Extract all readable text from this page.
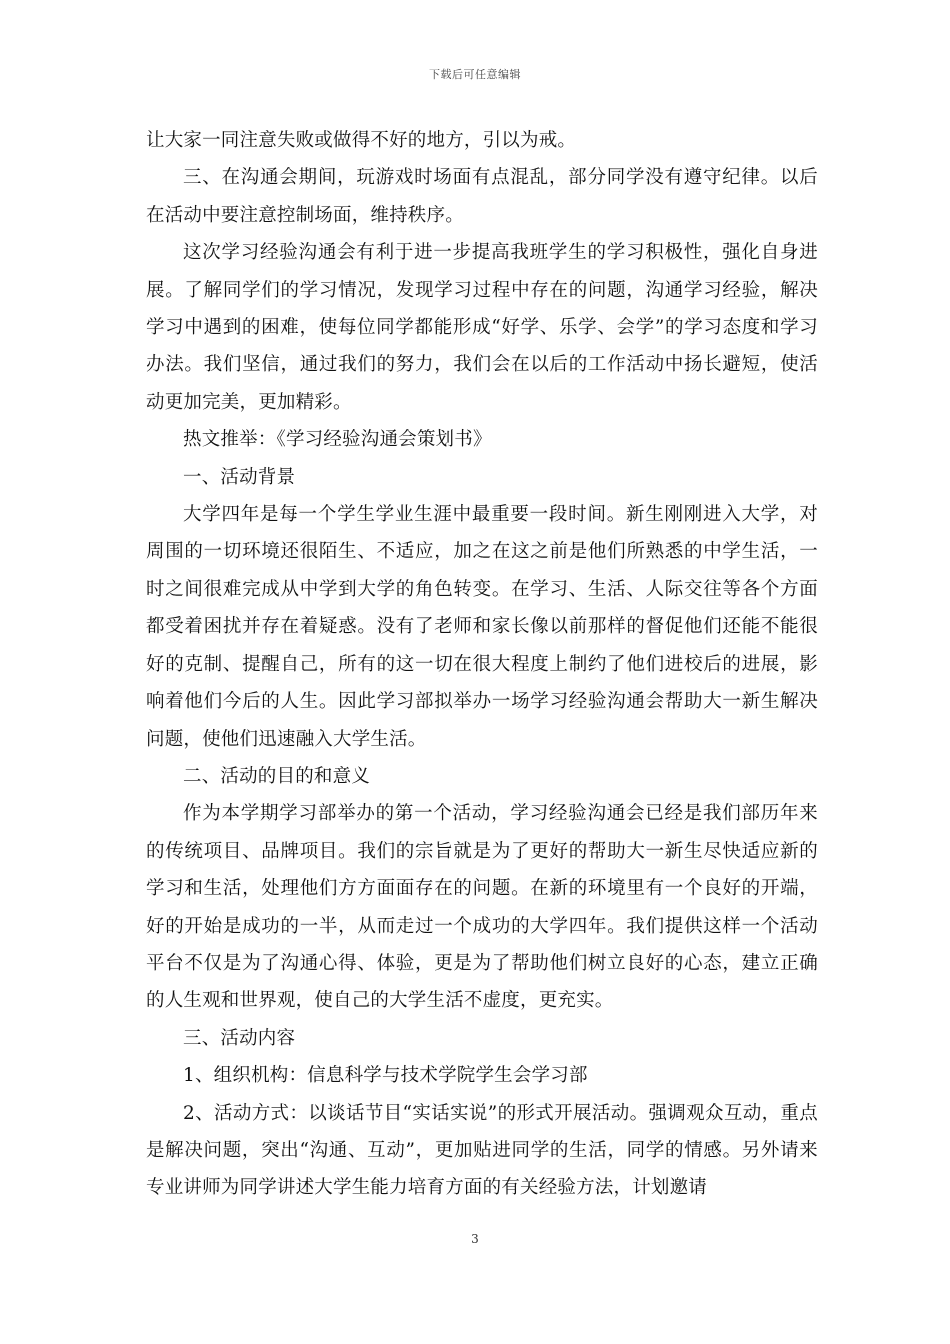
下载后可任意编辑

让大家一同注意失败或做得不好的地方，引以为戒。

三、在沟通会期间，玩游戏时场面有点混乱，部分同学没有遵守纪律。以后在活动中要注意控制场面，维持秩序。

这次学习经验沟通会有利于进一步提高我班学生的学习积极性，强化自身进展。了解同学们的学习情况，发现学习过程中存在的问题，沟通学习经验，解决学习中遇到的困难，使每位同学都能形成“好学、乐学、会学”的学习态度和学习办法。我们坚信，通过我们的努力，我们会在以后的工作活动中扬长避短，使活动更加完美，更加精彩。

热文推举：《学习经验沟通会策划书》

一、活动背景

大学四年是每一个学生学业生涯中最重要一段时间。新生刚刚进入大学，对周围的一切环境还很陌生、不适应，加之在这之前是他们所熟悉的中学生活，一时之间很难完成从中学到大学的角色转变。在学习、生活、人际交往等各个方面都受着困扰并存在着疑惑。没有了老师和家长像以前那样的督促他们还能不能很好的克制、提醒自己，所有的这一切在很大程度上制约了他们进校后的进展，影响着他们今后的人生。因此学习部拟举办一场学习经验沟通会帮助大一新生解决问题，使他们迅速融入大学生活。

二、活动的目的和意义

作为本学期学习部举办的第一个活动，学习经验沟通会已经是我们部历年来的传统项目、品牌项目。我们的宗旨就是为了更好的帮助大一新生尽快适应新的学习和生活，处理他们方方面面存在的问题。在新的环境里有一个良好的开端，好的开始是成功的一半，从而走过一个成功的大学四年。我们提供这样一个活动平台不仅是为了沟通心得、体验，更是为了帮助他们树立良好的心态，建立正确的人生观和世界观，使自己的大学生活不虚度，更充实。

三、活动内容

1、组织机构：信息科学与技术学院学生会学习部

2、活动方式：以谈话节目“实话实说”的形式开展活动。强调观众互动，重点是解决问题，突出“沟通、互动”，更加贴进同学的生活，同学的情感。另外请来专业讲师为同学讲述大学生能力培育方面的有关经验方法，计划邀请

3
